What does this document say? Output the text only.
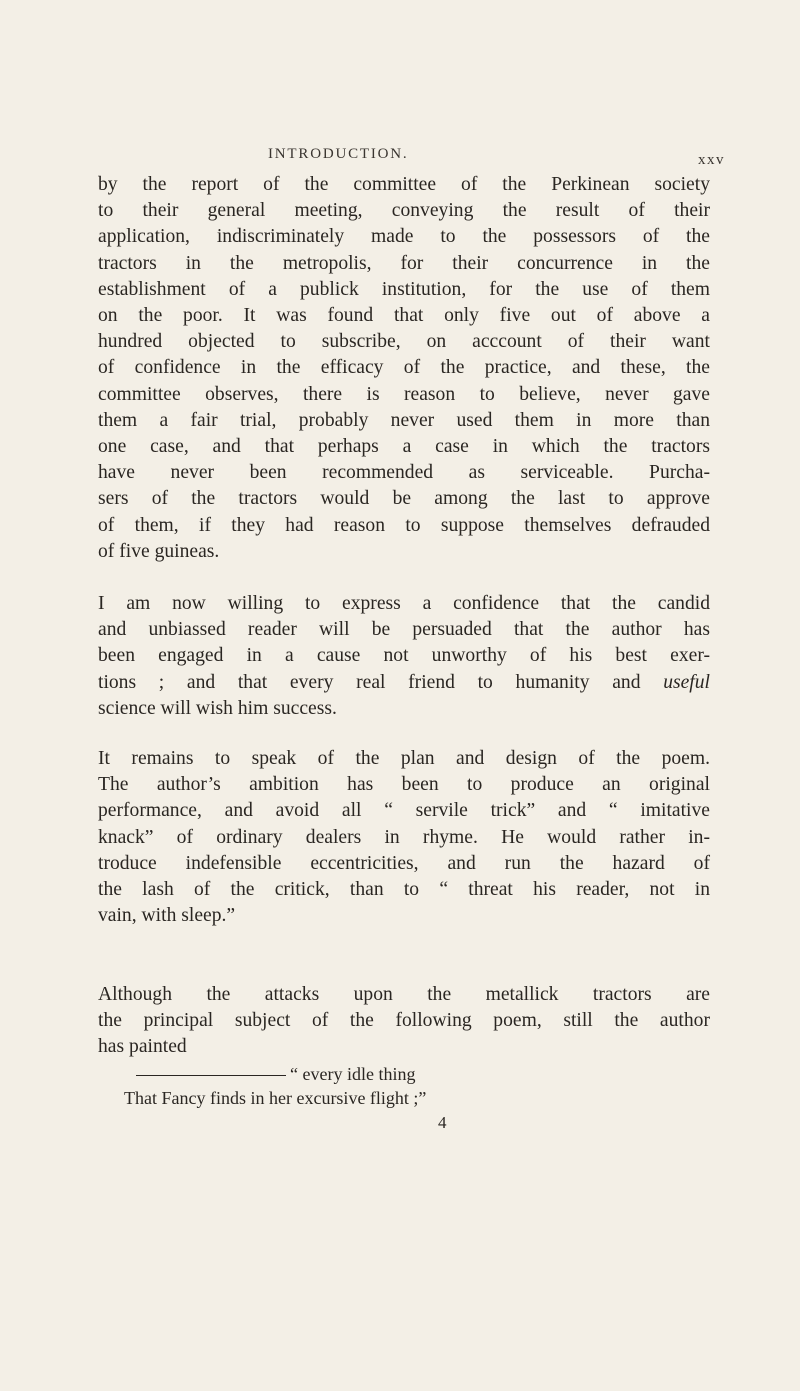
INTRODUCTION.	xxv

by the report of the committee of the Perkinean society
to their general meeting, conveying the result of their
application, indiscriminately made to the possessors of the
tractors in the metropolis, for their concurrence in the
establishment of a publick institution, for the use of them
on the poor. It was found that only five out of above a
hundred objected to subscribe, on acccount of their want
of confidence in the efficacy of the practice, and these, the
committee observes, there is reason to believe, never gave
them a fair trial, probably never used them in more than
one case, and that perhaps a case in which the tractors
have never been recommended as serviceable. Purcha-
sers of the tractors would be among the last to approve
of them, if they had reason to suppose themselves defrauded
of five guineas.

I am now willing to express a confidence that the candid
and unbiassed reader will be persuaded that the author has
been engaged in a cause not unworthy of his best exer-
tions ; and that every real friend to humanity and useful
science will wish him success.

It remains to speak of the plan and design of the poem.
The author’s ambition has been to produce an original
performance, and avoid all “ servile trick” and “ imitative
knack” of ordinary dealers in rhyme. He would rather in-
troduce indefensible eccentricities, and run the hazard of
the lash of the critick, than to “ threat his reader, not in
vain, with sleep.”

Although the attacks upon the metallick tractors are
the principal subject of the following poem, still the author
has painted

“ every idle thing
That Fancy finds in her excursive flight ;”
4
